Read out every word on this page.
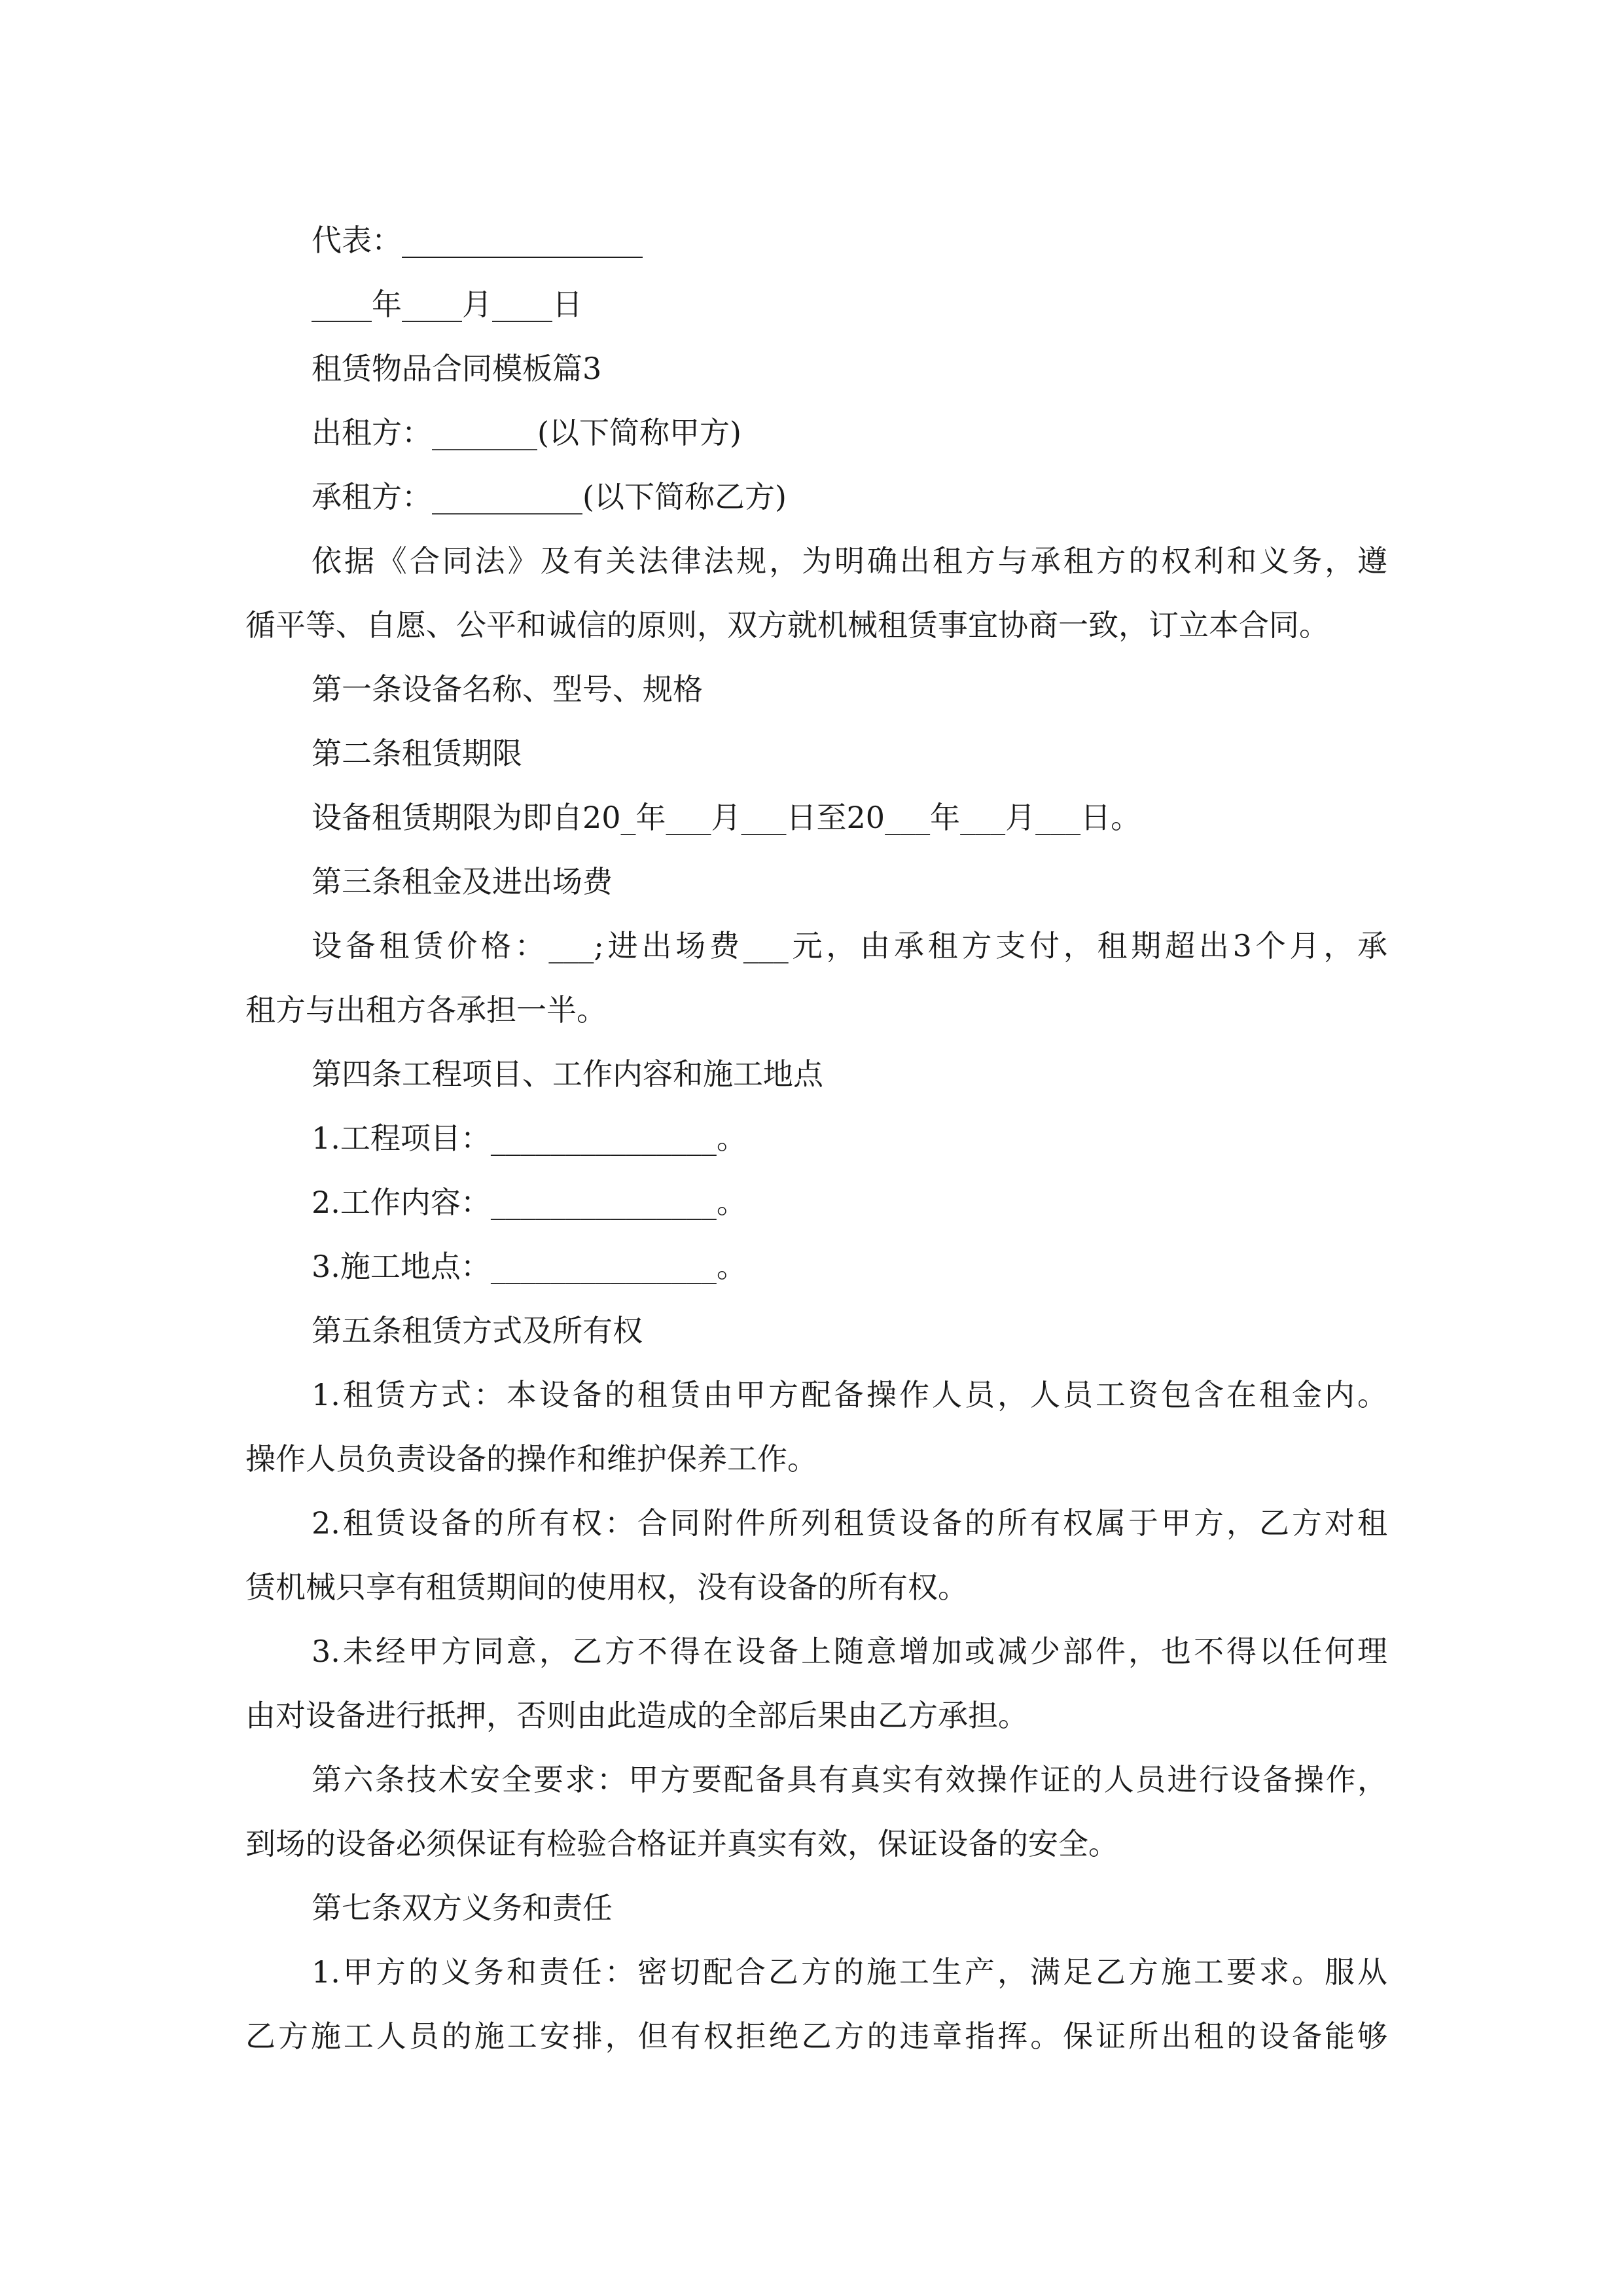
代表：________________

____年____月____日

租赁物品合同模板篇3

出租方：_______(以下简称甲方)

承租方：__________(以下简称乙方)

依据《合同法》及有关法律法规，为明确出租方与承租方的权利和义务，遵

循平等、自愿、公平和诚信的原则，双方就机械租赁事宜协商一致，订立本合同。

第一条设备名称、型号、规格

第二条租赁期限

设备租赁期限为即自20_年___月___日至20___年___月___日。

第三条租金及进出场费

设备租赁价格：___;进出场费___元，由承租方支付，租期超出3个月，承

租方与出租方各承担一半。

第四条工程项目、工作内容和施工地点

1.工程项目：_______________。

2.工作内容：_______________。

3.施工地点：_______________。

第五条租赁方式及所有权

1.租赁方式：本设备的租赁由甲方配备操作人员，人员工资包含在租金内。

操作人员负责设备的操作和维护保养工作。

2.租赁设备的所有权：合同附件所列租赁设备的所有权属于甲方，乙方对租

赁机械只享有租赁期间的使用权，没有设备的所有权。

3.未经甲方同意，乙方不得在设备上随意增加或减少部件，也不得以任何理

由对设备进行抵押，否则由此造成的全部后果由乙方承担。

第六条技术安全要求：甲方要配备具有真实有效操作证的人员进行设备操作，

到场的设备必须保证有检验合格证并真实有效，保证设备的安全。

第七条双方义务和责任

1.甲方的义务和责任：密切配合乙方的施工生产，满足乙方施工要求。服从

乙方施工人员的施工安排，但有权拒绝乙方的违章指挥。保证所出租的设备能够
